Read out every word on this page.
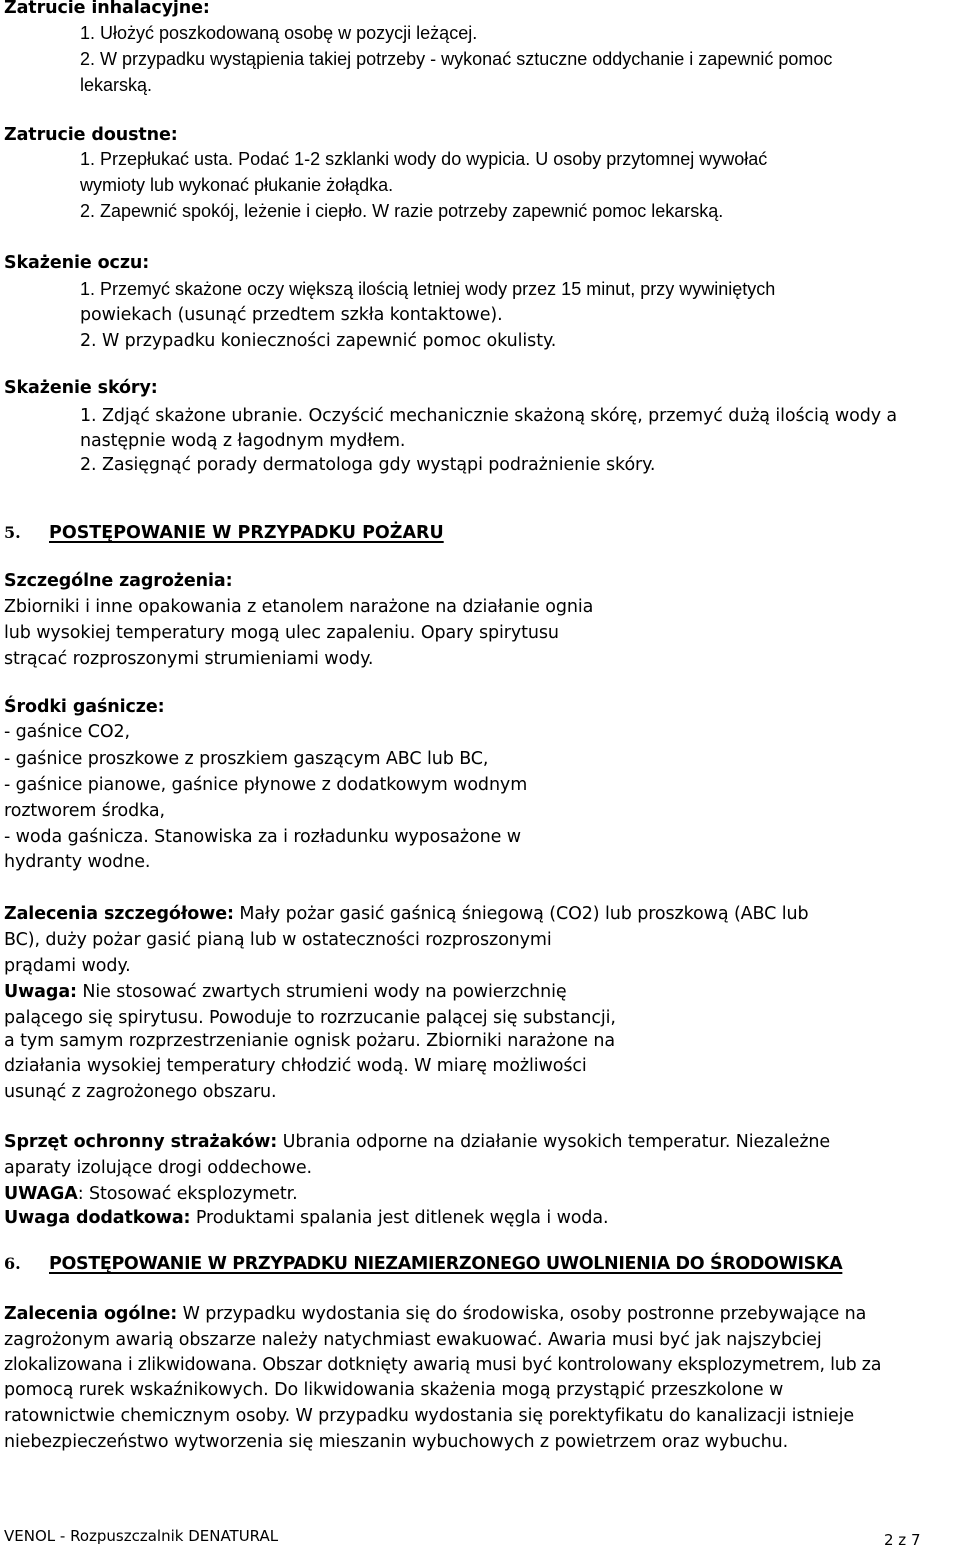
Zatrucie inhalacyjne:
1. Ułożyć poszkodowaną osobę w pozycji leżącej.
2. W przypadku wystąpienia takiej potrzeby - wykonać sztuczne oddychanie i zapewnić pomoc
lekarską.
Zatrucie doustne:
1. Przepłukać usta. Podać 1-2 szklanki wody do wypicia. U osoby przytomnej wywołać
wymioty lub wykonać płukanie żołądka.
2. Zapewnić spokój, leżenie i ciepło. W razie potrzeby zapewnić pomoc lekarską.
Skażenie oczu:
1. Przemyć skażone oczy większą ilością letniej wody przez 15 minut, przy wywiniętych
powiekach (usunąć przedtem szkła kontaktowe).
2. W przypadku konieczności zapewnić pomoc okulisty.
Skażenie skóry:
1. Zdjąć skażone ubranie. Oczyścić mechanicznie skażoną skórę, przemyć dużą ilością wody a
następnie wodą z łagodnym mydłem.
2. Zasięgnąć porady dermatologa gdy wystąpi podrażnienie skóry.
5. POSTĘPOWANIE W PRZYPADKU POŻARU
Szczególne zagrożenia:
Zbiorniki i inne opakowania z etanolem narażone na działanie ognia
lub wysokiej temperatury mogą ulec zapaleniu. Opary spirytusu
strącać rozproszonymi strumieniami wody.
Środki gaśnicze:
- gaśnice CO2,
- gaśnice proszkowe z proszkiem gaszącym ABC lub BC,
- gaśnice pianowe, gaśnice płynowe z dodatkowym wodnym
roztworem środka,
- woda gaśnicza. Stanowiska za i rozładunku wyposażone w
hydranty wodne.
Zalecenia szczegółowe: Mały pożar gasić gaśnicą śniegową (CO2) lub proszkową (ABC lub
BC), duży pożar gasić pianą lub w ostateczności rozproszonymi
prądami wody.
Uwaga: Nie stosować zwartych strumieni wody na powierzchnię
palącego się spirytusu. Powoduje to rozrzucanie palącej się substancji,
a tym samym rozprzestrzenianie ognisk pożaru. Zbiorniki narażone na
działania wysokiej temperatury chłodzić wodą. W miarę możliwości
usunąć z zagrożonego obszaru.
Sprzęt ochronny strażaków: Ubrania odporne na działanie wysokich temperatur. Niezależne
aparaty izolujące drogi oddechowe.
UWAGA: Stosować eksplozymetr.
Uwaga dodatkowa: Produktami spalania jest ditlenek węgla i woda.
6. POSTĘPOWANIE W PRZYPADKU NIEZAMIERZONEGO UWOLNIENIA DO ŚRODOWISKA
Zalecenia ogólne: W przypadku wydostania się do środowiska, osoby postronne przebywające na
zagrożonym awarią obszarze należy natychmiast ewakuować. Awaria musi być jak najszybciej
zlokalizowana i zlikwidowana. Obszar dotknięty awarią musi być kontrolowany eksplozymetrem, lub za
pomocą rurek wskaźnikowych. Do likwidowania skażenia mogą przystąpić przeszkolone w
ratownictwie chemicznym osoby. W przypadku wydostania się porektyfikatu do kanalizacji istnieje
niebezpieczeństwo wytworzenia się mieszanin wybuchowych z powietrzem oraz wybuchu.
VENOL - Rozpuszczalnik DENATURAL	2 z 7
